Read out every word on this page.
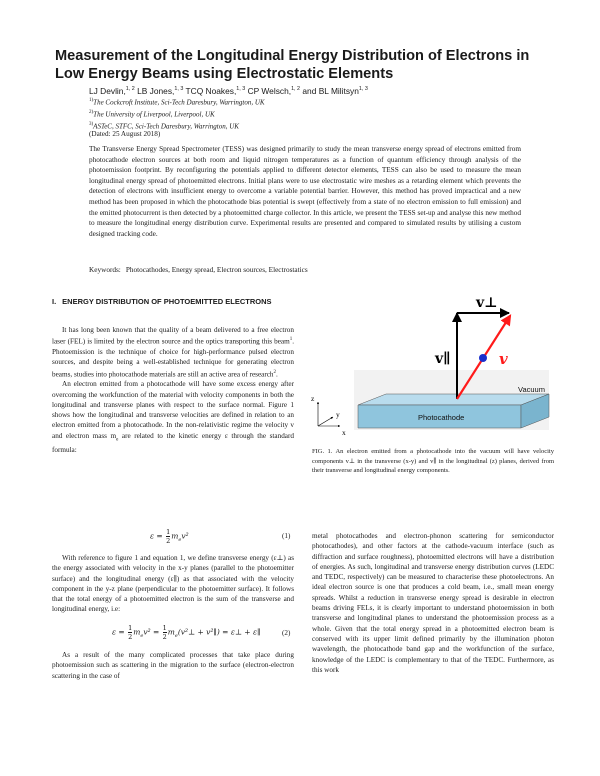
Measurement of the Longitudinal Energy Distribution of Electrons in Low Energy Beams using Electrostatic Elements
LJ Devlin,$^{1, 2}$ LB Jones,$^{1, 3}$ TCQ Noakes,$^{1, 3}$ CP Welsch,$^{1, 2}$ and BL Militsyn$^{1, 3}$
$^{1)}$The Cockcroft Institute, Sci-Tech Daresbury, Warrington, UK
$^{2)}$The University of Liverpool, Liverpool, UK
$^{3)}$ASTeC, STFC, Sci-Tech Daresbury, Warrington, UK
(Dated: 25 August 2018)

The Transverse Energy Spread Spectrometer (TESS) was designed primarily to study the mean transverse energy spread of electrons emitted from photocathode electron sources at both room and liquid nitrogen temperatures as a function of quantum efficiency through analysis of the photoemission footprint. By reconfiguring the potentials applied to different detector elements, TESS can also be used to measure the mean longitudinal energy spread of photoemitted electrons. Initial plans were to use electrostatic wire meshes as a retarding element which prevents the detection of electrons with insufficient energy to overcome a variable potential barrier. However, this method has proved impractical and a new method has been proposed in which the photocathode bias potential is swept (effectively from a state of no electron emission to full emission) and the emitted photocurrent is then detected by a photoemitted charge collector. In this article, we present the TESS set-up and analyse this new method to measure the longitudinal energy distribution curve. Experimental results are presented and compared to simulated results by utilising a custom designed tracking code.

Keywords: Photocathodes, Energy spread, Electron sources, Electrostatics
I. ENERGY DISTRIBUTION OF PHOTOEMITTED ELECTRONS

It has long been known that the quality of a beam delivered to a free electron laser (FEL) is limited by the electron source and the optics transporting this beam$^1$. Photoemission is the technique of choice for high-performance pulsed electron sources, and despite being a well-established technique for generating electron beams, studies into photocathode materials are still an active area of research$^2$.

An electron emitted from a photocathode will have some excess energy after overcoming the workfunction of the material with velocity components in both the longitudinal and transverse planes with respect to the surface normal. Figure 1 shows how the longitudinal and transverse velocities are defined in relation to an electron emitted from a photocathode. In the non-relativistic regime the velocity v and electron mass $m_e$ are related to the kinetic energy ε through the standard formula:

$\varepsilon = \frac{1}{2} m_ev^2$	(1)

With reference to figure 1 and equation 1, we define transverse energy (ε⊥) as the energy associated with velocity in the x-y planes (parallel to the photoemitter surface) and the longitudinal energy (ε∥) as that associated with the velocity component in the y-z plane (perpendicular to the photoemitter surface). It follows that the total energy of a photoemitted electron is the sum of the transverse and longitudinal energy, i.e:

$\varepsilon = \frac{1}{2} m_ev^2 = \frac{1}{2}$ $m_e(v^2\perp$ + v²∥) = ε⊥ + ε∥	(2)

As a result of the many complicated processes that take place during photoemission such as scattering in the migration to the surface (electron-electron scattering in the case of

metal photocathodes and electron-phonon scattering for semiconductor photocathodes), and other factors at the cathode-vacuum interface (such as diffraction and surface roughness), photoemitted electrons will have a distribution of energies. As such, longitudinal and transverse energy distribution curves (LEDC and TEDC, respectively) can be measured to characterise these photoelectrons. An ideal electron source is one that produces a cold beam, i.e., small mean energy spreads. Whilst a reduction in transverse energy spread is desirable in electron beams driving FELs, it is clearly important to understand photoemission in both transverse and longitudinal planes to understand the photoemission process as a whole. Given that the total energy spread in a photoemitted electron beam is conserved with its upper limit defined primarily by the illumination photon wavelength, the photocathode band gap and the workfunction of the surface, knowledge of the LEDC is complementary to that of the TEDC. Furthermore, as this work

Vacuum
Photocathode
z
y
x
v⊥
v∥	v

FIG. 1. An electron emitted from a photocathode into the vacuum will have velocity components v⊥ in the transverse (x-y) and v∥ in the longitudinal (z) planes, derived from their transverse and longitudinal energy components.
